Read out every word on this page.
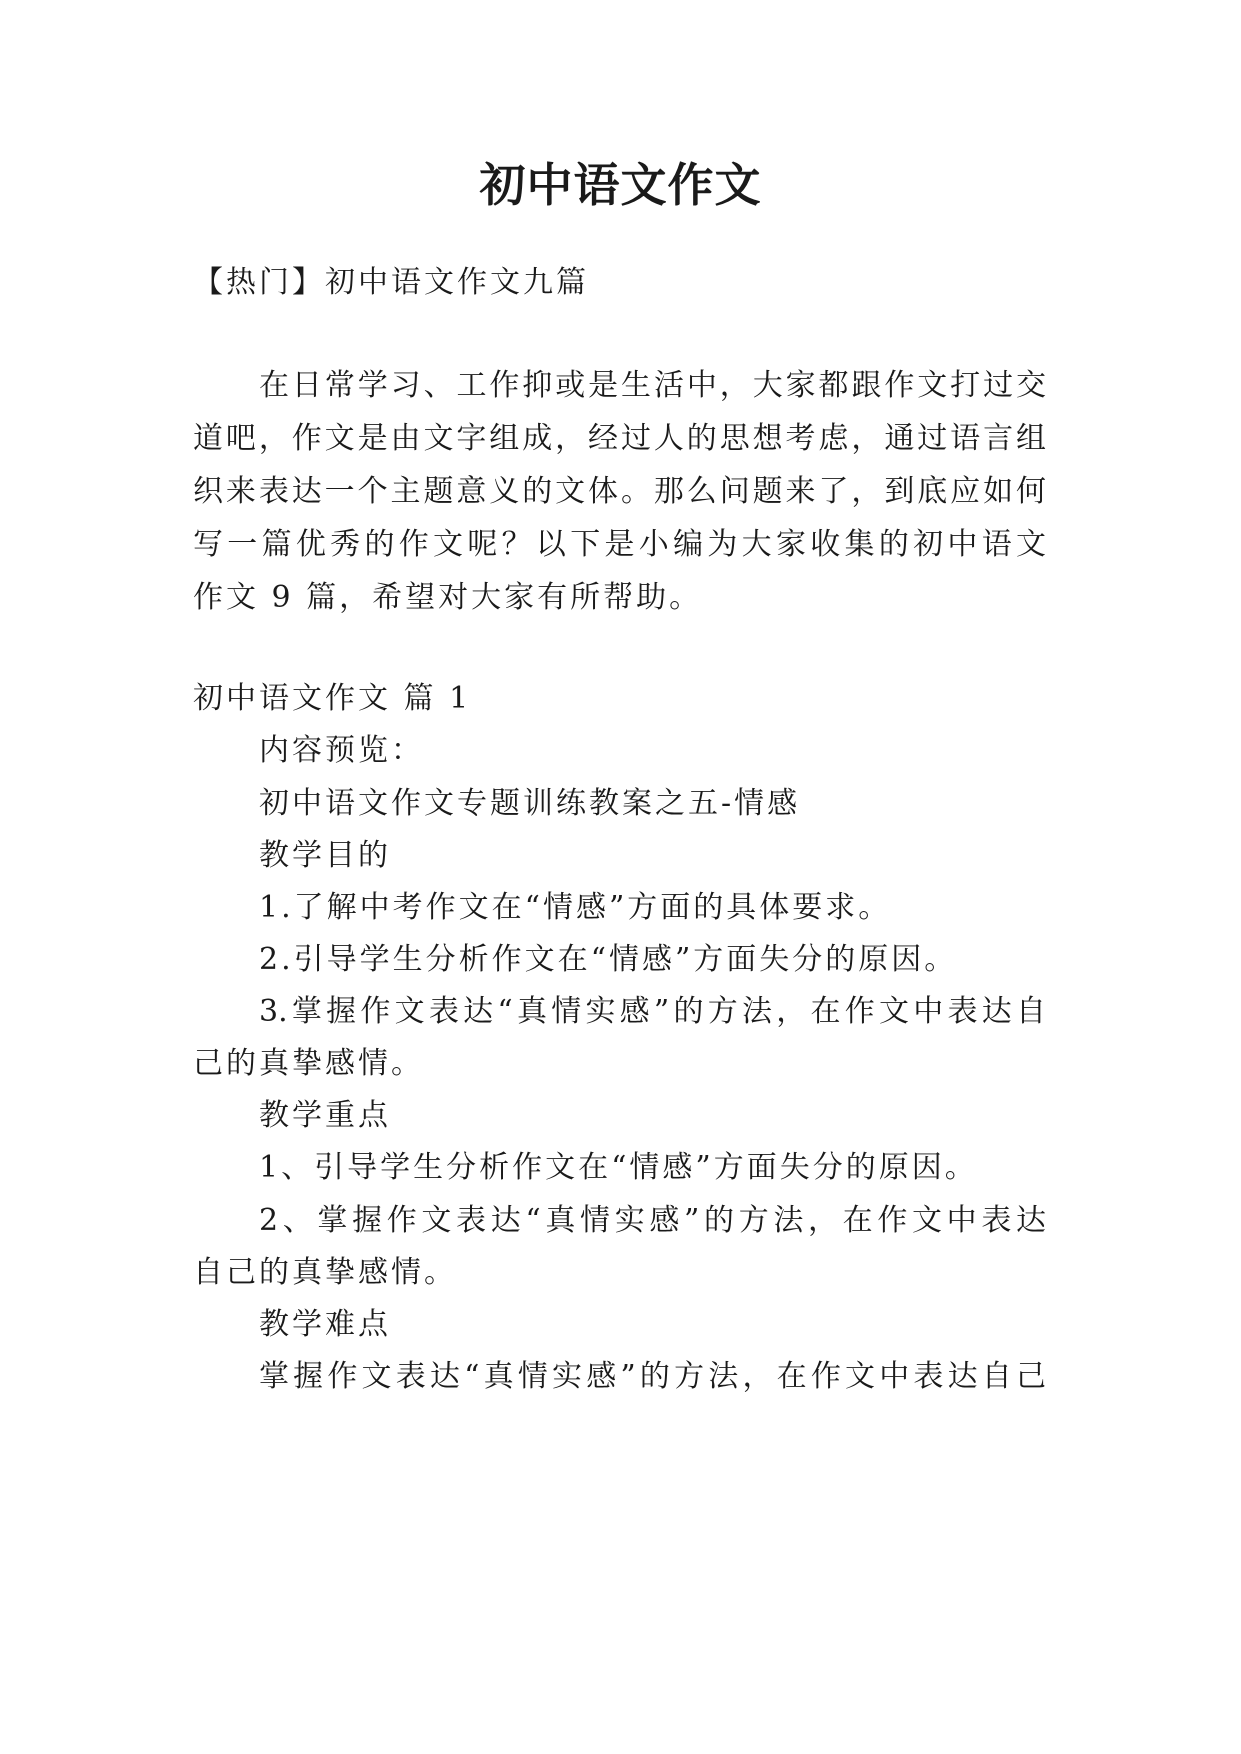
初中语文作文
【热门】初中语文作文九篇
在日常学习、工作抑或是生活中，大家都跟作文打过交
道吧，作文是由文字组成，经过人的思想考虑，通过语言组
织来表达一个主题意义的文体。那么问题来了，到底应如何
写一篇优秀的作文呢？以下是小编为大家收集的初中语文
作文 9 篇，希望对大家有所帮助。
初中语文作文 篇 1
内容预览：
初中语文作文专题训练教案之五-情感
教学目的
1.了解中考作文在“情感”方面的具体要求。
2.引导学生分析作文在“情感”方面失分的原因。
3.掌握作文表达“真情实感”的方法，在作文中表达自
己的真挚感情。
教学重点
1、引导学生分析作文在“情感”方面失分的原因。
2、掌握作文表达“真情实感”的方法，在作文中表达
自己的真挚感情。
教学难点
掌握作文表达“真情实感”的方法，在作文中表达自己
